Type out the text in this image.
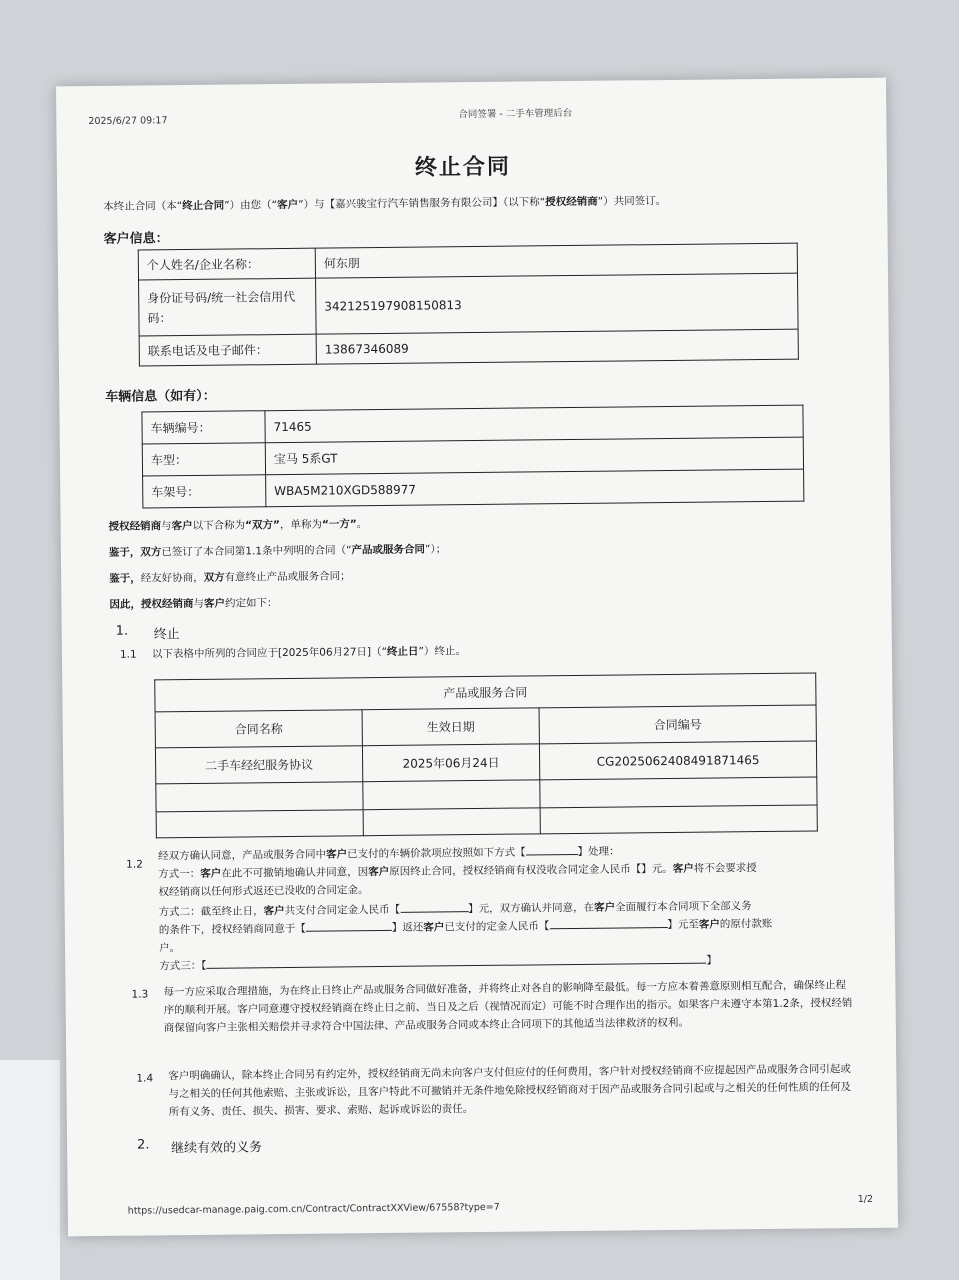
2025/6/27 09:17
合同签署 - 二手车管理后台
终止合同
本终止合同（本“终止合同”）由您（“客户”）与【嘉兴骏宝行汽车销售服务有限公司】（以下称“授权经销商”）共同签订。
客户信息：
个人姓名/企业名称：	何东朋
身份证号码/统一社会信用代码：	342125197908150813
联系电话及电子邮件：	13867346089
车辆信息（如有）：
车辆编号：	71465
车型：	宝马 5系GT
车架号：	WBA5M210XGD588977
授权经销商与客户以下合称为“双方”，单称为“一方”。
鉴于，双方已签订了本合同第1.1条中列明的合同（“产品或服务合同”）；
鉴于，经友好协商，双方有意终止产品或服务合同；
因此，授权经销商与客户约定如下：
1. 终止
1.1 以下表格中所列的合同应于[2025年06月27日]（“终止日”）终止。
产品或服务合同		
合同名称	生效日期	合同编号
二手车经纪服务协议	2025年06月24日	CG2025062408491871465

1.2
经双方确认同意，产品或服务合同中客户已支付的车辆价款项应按照如下方式【	】处理：
方式一：客户在此不可撤销地确认并同意，因客户原因终止合同，授权经销商有权没收合同定金人民币【】元。客户将不会要求授
权经销商以任何形式返还已没收的合同定金。
方式二：截至终止日，客户共支付合同定金人民币【	】元，双方确认并同意，在客户全面履行本合同项下全部义务
的条件下，授权经销商同意于【	】返还客户已支付的定金人民币【	】元至客户的原付款账
户。
方式三：【	】
1.3 每一方应采取合理措施，为在终止日终止产品或服务合同做好准备，并将终止对各自的影响降至最低。每一方应本着善意原则相互配合，确保终止程序的顺利开展。客户同意遵守授权经销商在终止日之前、当日及之后（视情况而定）可能不时合理作出的指示。如果客户未遵守本第1.2条，授权经销商保留向客户主张相关赔偿并寻求符合中国法律、产品或服务合同或本终止合同项下的其他适当法律救济的权利。
1.4 客户明确确认，除本终止合同另有约定外，授权经销商无尚未向客户支付但应付的任何费用，客户针对授权经销商不应提起因产品或服务合同引起或与之相关的任何其他索赔、主张或诉讼，且客户特此不可撤销并无条件地免除授权经销商对于因产品或服务合同引起或与之相关的任何性质的任何及所有义务、责任、损失、损害、要求、索赔、起诉或诉讼的责任。
2. 继续有效的义务
https://usedcar-manage.paig.com.cn/Contract/ContractXXView/67558?type=7
1/2
